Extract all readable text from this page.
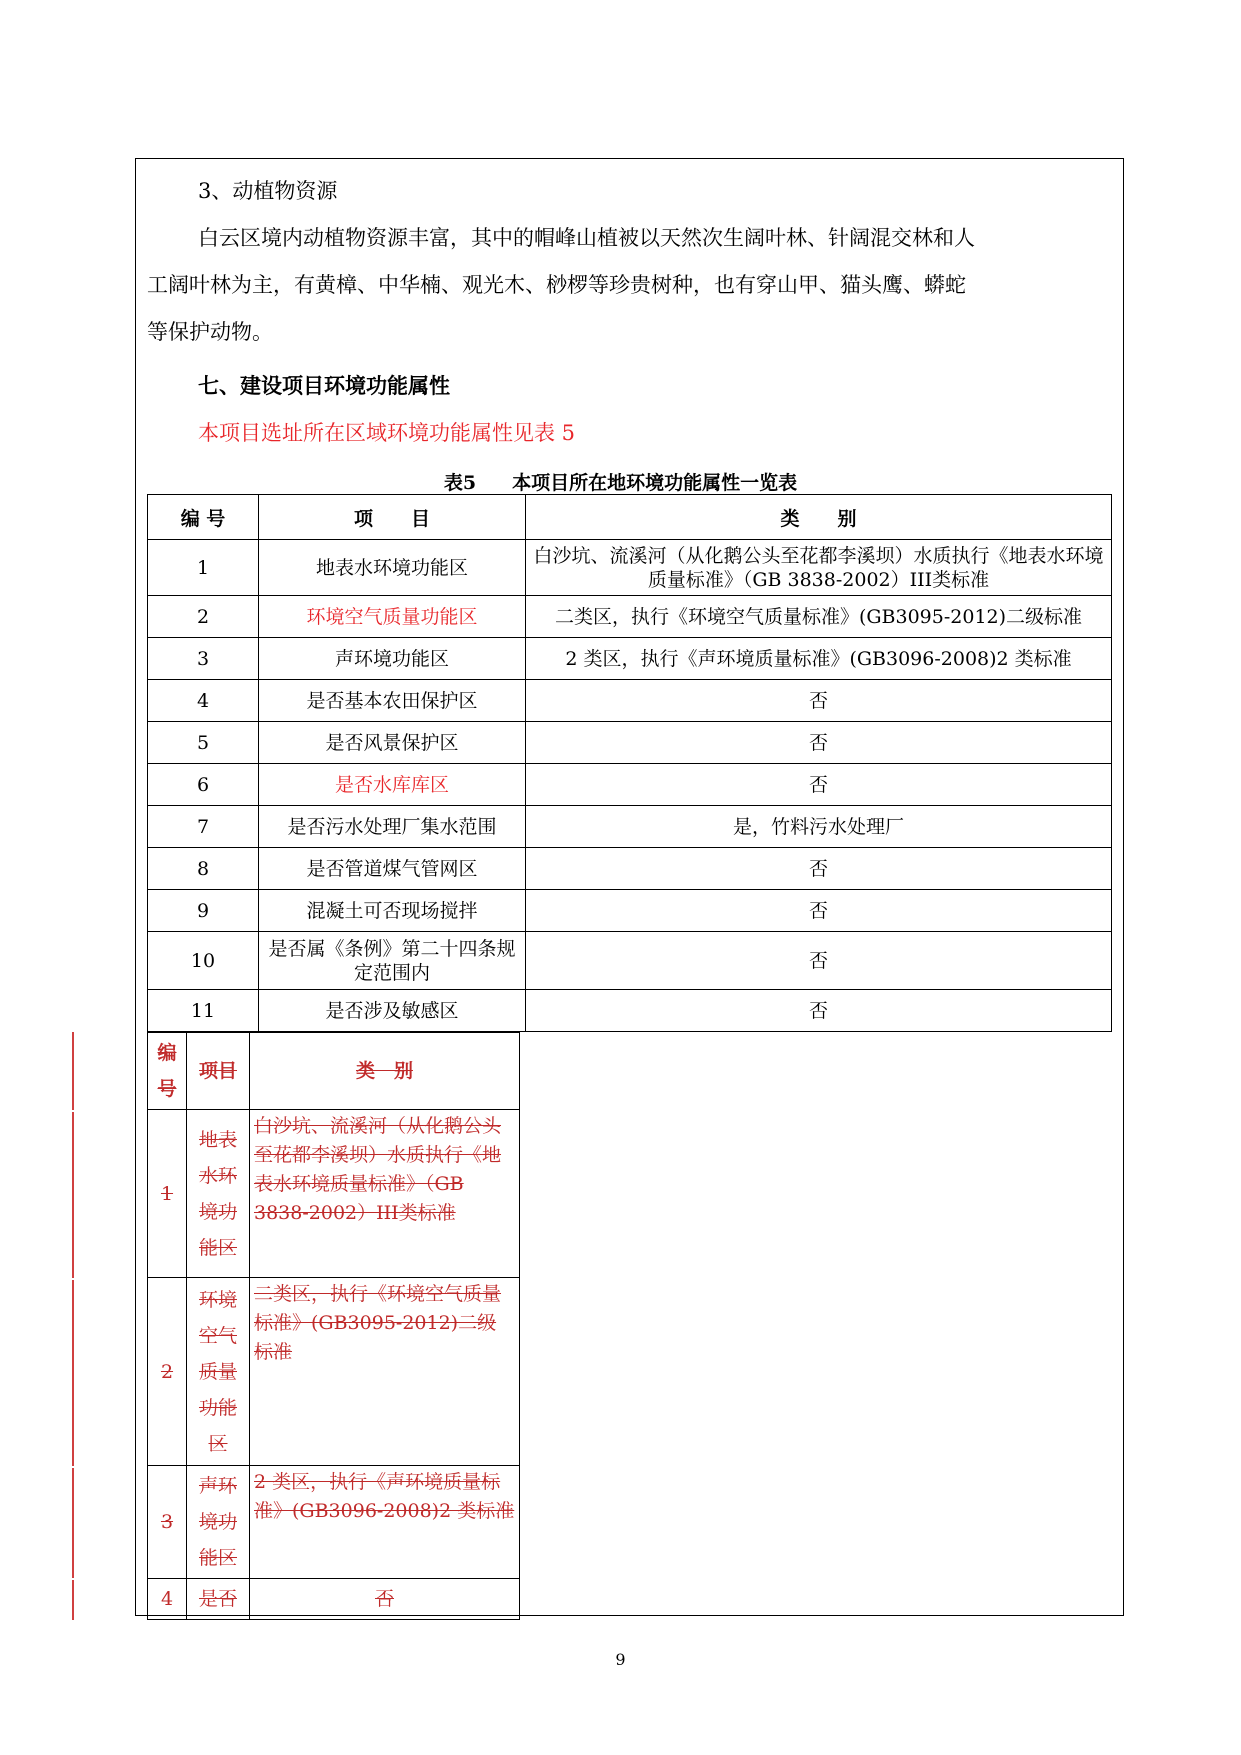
3、动植物资源
白云区境内动植物资源丰富，其中的帽峰山植被以天然次生阔叶林、针阔混交林和人
工阔叶林为主，有黄樟、中华楠、观光木、桫椤等珍贵树种，也有穿山甲、猫头鹰、蟒蛇
等保护动物。
七、建设项目环境功能属性
本项目选址所在区域环境功能属性见表 5
表5 本项目所在地环境功能属性一览表
编 号	项　　目	类　　别
1	地表水环境功能区	白沙坑、流溪河（从化鹅公头至花都李溪坝）水质执行《地表水环境质量标准》（GB 3838-2002）III类标准
2	环境空气质量功能区	二类区，执行《环境空气质量标准》(GB3095-2012)二级标准
3	声环境功能区	2 类区，执行《声环境质量标准》(GB3096-2008)2 类标准
4	是否基本农田保护区	否
5	是否风景保护区	否
6	是否水库库区	否
7	是否污水处理厂集水范围	是，竹料污水处理厂
8	是否管道煤气管网区	否
9	混凝土可否现场搅拌	否
10	是否属《条例》第二十四条规定范围内	否
11	是否涉及敏感区	否
编号	项目	类　别
1	地表水环境功能区	白沙坑、流溪河（从化鹅公头至花都李溪坝）水质执行《地表水环境质量标准》（GB 3838-2002）III类标准
2	环境空气质量功能区	二类区，执行《环境空气质量标准》(GB3095-2012)二级标准
3	声环境功能区	2 类区，执行《声环境质量标准》(GB3096-2008)2 类标准
4	是否	否
9
